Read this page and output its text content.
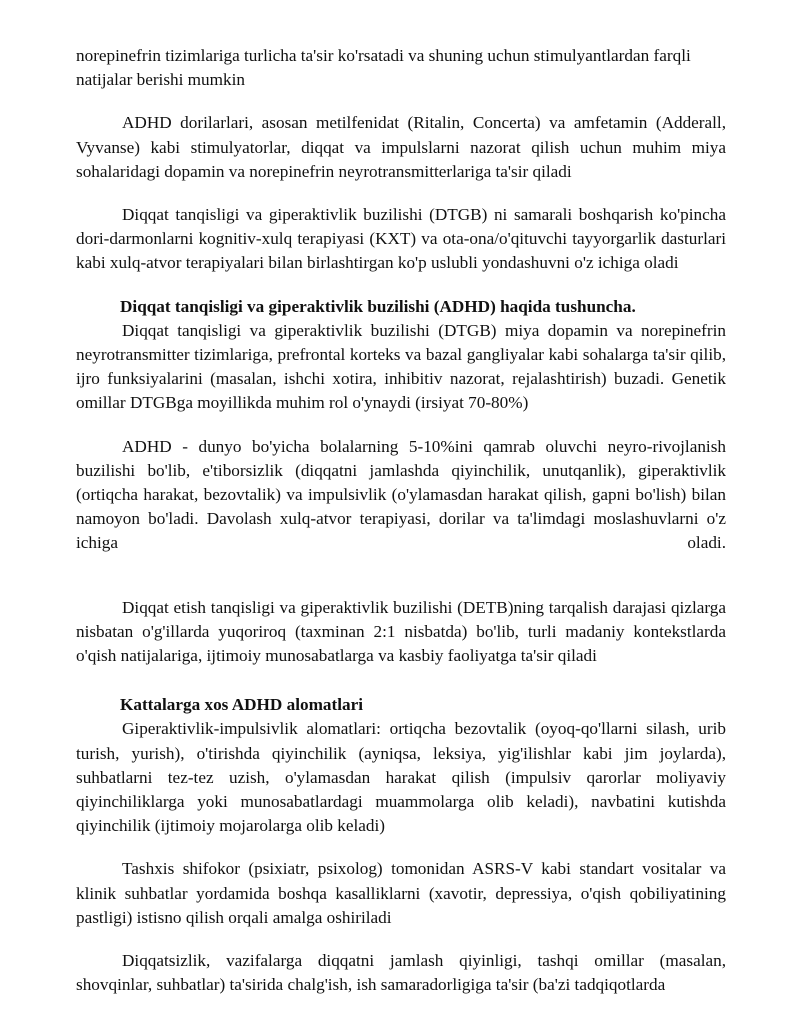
norepinefrin tizimlariga turlicha ta'sir ko'rsatadi va shuning uchun stimulyantlardan farqli natijalar berishi mumkin

ADHD dorilarlari, asosan metilfenidat (Ritalin, Concerta) va amfetamin (Adderall, Vyvanse) kabi stimulyatorlar, diqqat va impulslarni nazorat qilish uchun muhim miya sohalaridagi dopamin va norepinefrin neyrotransmitterlariga ta'sir qiladi

Diqqat tanqisligi va giperaktivlik buzilishi (DTGB) ni samarali boshqarish ko'pincha dori-darmonlarni kognitiv-xulq terapiyasi (KXT) va ota-ona/o'qituvchi tayyorgarlik dasturlari kabi xulq-atvor terapiyalari bilan birlashtirgan ko'p uslubli yondashuvni o'z ichiga oladi

Diqqat tanqisligi va giperaktivlik buzilishi (ADHD) haqida tushuncha.

Diqqat tanqisligi va giperaktivlik buzilishi (DTGB) miya dopamin va norepinefrin neyrotransmitter tizimlariga, prefrontal korteks va bazal gangliyalar kabi sohalarga ta'sir qilib, ijro funksiyalarini (masalan, ishchi xotira, inhibitiv nazorat, rejalashtirish) buzadi. Genetik omillar DTGBga moyillikda muhim rol o'ynaydi (irsiyat 70-80%)

ADHD - dunyo bo'yicha bolalarning 5-10%ini qamrab oluvchi neyro-rivojlanish buzilishi bo'lib, e'tiborsizlik (diqqatni jamlashda qiyinchilik, unutqanlik), giperaktivlik (ortiqcha harakat, bezovtalik) va impulsivlik (o'ylamasdan harakat qilish, gapni bo'lish) bilan namoyon bo'ladi. Davolash xulq-atvor terapiyasi, dorilar va ta'limdagi moslashuvlarni o'z ichiga oladi.

Diqqat etish tanqisligi va giperaktivlik buzilishi (DETB)ning tarqalish darajasi qizlarga nisbatan o'g'illarda yuqoriroq (taxminan 2:1 nisbatda) bo'lib, turli madaniy kontekstlarda o'qish natijalariga, ijtimoiy munosabatlarga va kasbiy faoliyatga ta'sir qiladi

Kattalarga xos ADHD alomatlari

Giperaktivlik-impulsivlik alomatlari: ortiqcha bezovtalik (oyoq-qo'llarni silash, urib turish, yurish), o'tirishda qiyinchilik (ayniqsa, leksiya, yig'ilishlar kabi jim joylarda), suhbatlarni tez-tez uzish, o'ylamasdan harakat qilish (impulsiv qarorlar moliyaviy qiyinchiliklarga yoki munosabatlardagi muammolarga olib keladi), navbatini kutishda qiyinchilik (ijtimoiy mojarolarga olib keladi)

Tashxis shifokor (psixiatr, psixolog) tomonidan ASRS-V kabi standart vositalar va klinik suhbatlar yordamida boshqa kasalliklarni (xavotir, depressiya, o'qish qobiliyatining pastligi) istisno qilish orqali amalga oshiriladi

Diqqatsizlik, vazifalarga diqqatni jamlash qiyinligi, tashqi omillar (masalan, shovqinlar, suhbatlar) ta'sirida chalg'ish, ish samaradorligiga ta'sir (ba'zi tadqiqotlarda
